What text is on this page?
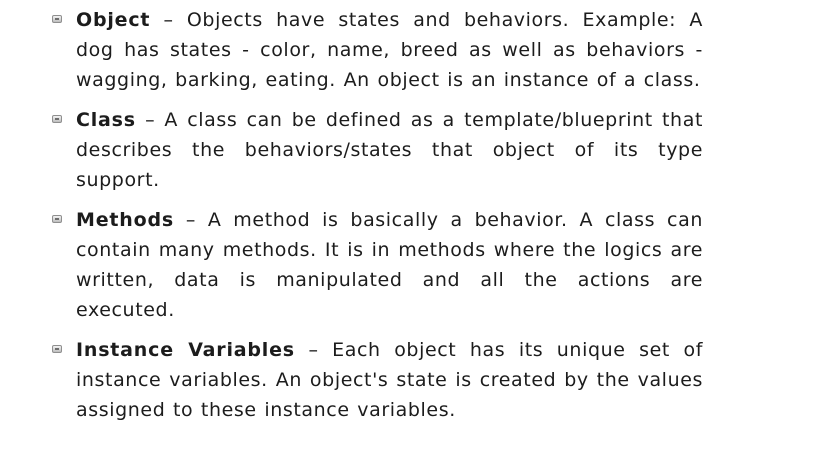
Object – Objects have states and behaviors. Example: A dog has states - color, name, breed as well as behaviors - wagging, barking, eating. An object is an instance of a class.
Class – A class can be defined as a template/blueprint that describes the behaviors/states that object of its type support.
Methods – A method is basically a behavior. A class can contain many methods. It is in methods where the logics are written, data is manipulated and all the actions are executed.
Instance Variables – Each object has its unique set of instance variables. An object's state is created by the values assigned to these instance variables.
